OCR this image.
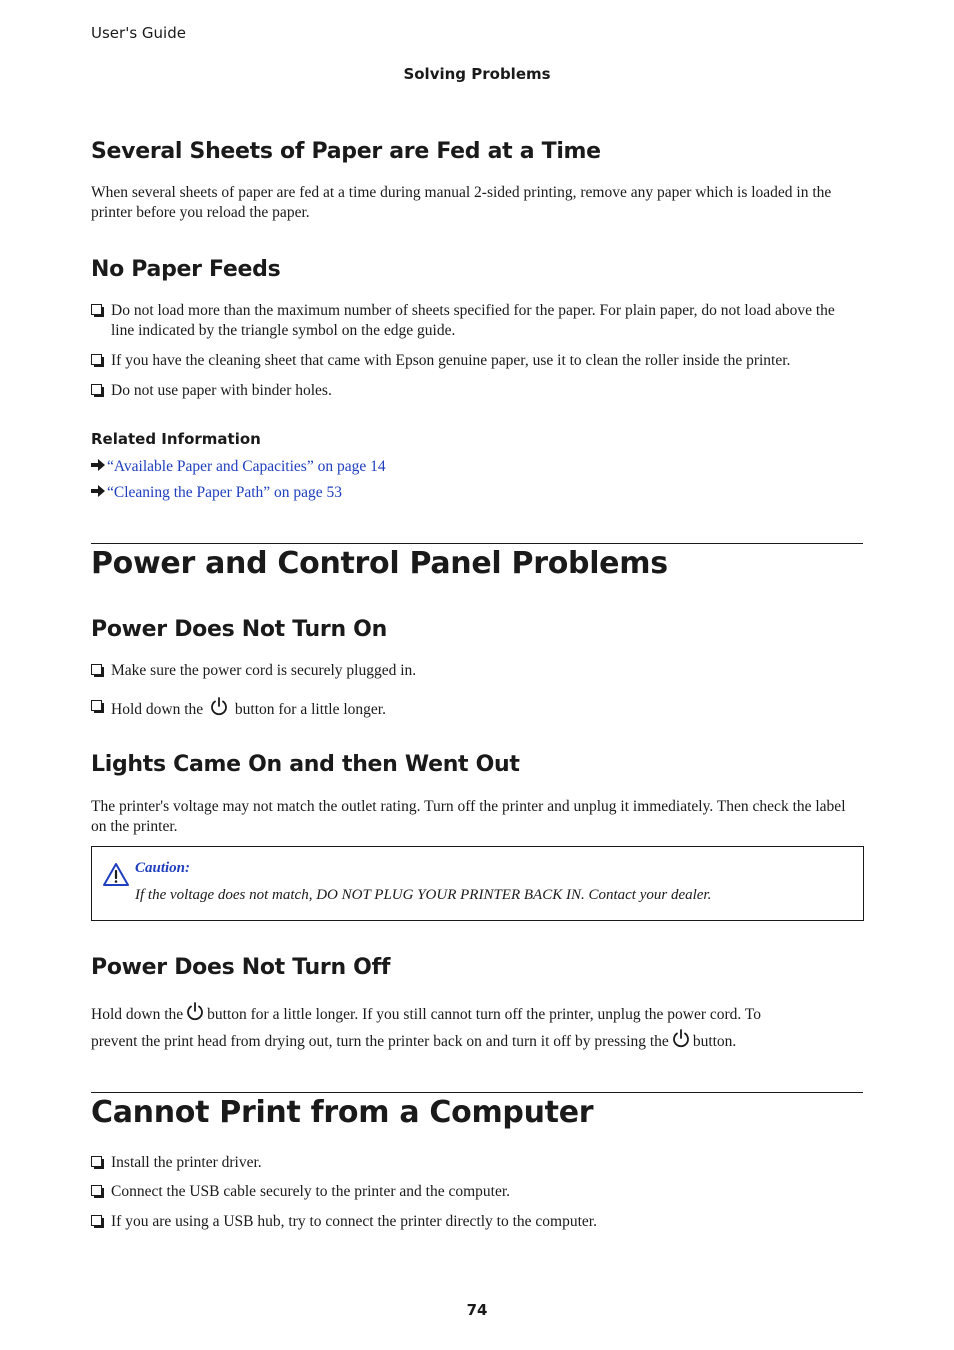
User's Guide
Solving Problems
Several Sheets of Paper are Fed at a Time

When several sheets of paper are fed at a time during manual 2-sided printing, remove any paper which is loaded in the printer before you reload the paper.

No Paper Feeds
Do not load more than the maximum number of sheets specified for the paper. For plain paper, do not load above the line indicated by the triangle symbol on the edge guide.
If you have the cleaning sheet that came with Epson genuine paper, use it to clean the roller inside the printer.
Do not use paper with binder holes.
Related Information
“Available Paper and Capacities” on page 14
“Cleaning the Paper Path” on page 53
Power and Control Panel Problems
Power Does Not Turn On
Make sure the power cord is securely plugged in.
Hold down the button for a little longer.
Lights Came On and then Went Out

The printer's voltage may not match the outlet rating. Turn off the printer and unplug it immediately. Then check the label on the printer.

Caution:
If the voltage does not match, DO NOT PLUG YOUR PRINTER BACK IN. Contact your dealer.
Power Does Not Turn Off

Hold down the button for a little longer. If you still cannot turn off the printer, unplug the power cord. To

prevent the print head from drying out, turn the printer back on and turn it off by pressing the button.

Cannot Print from a Computer
Install the printer driver.
Connect the USB cable securely to the printer and the computer.
If you are using a USB hub, try to connect the printer directly to the computer.
74
